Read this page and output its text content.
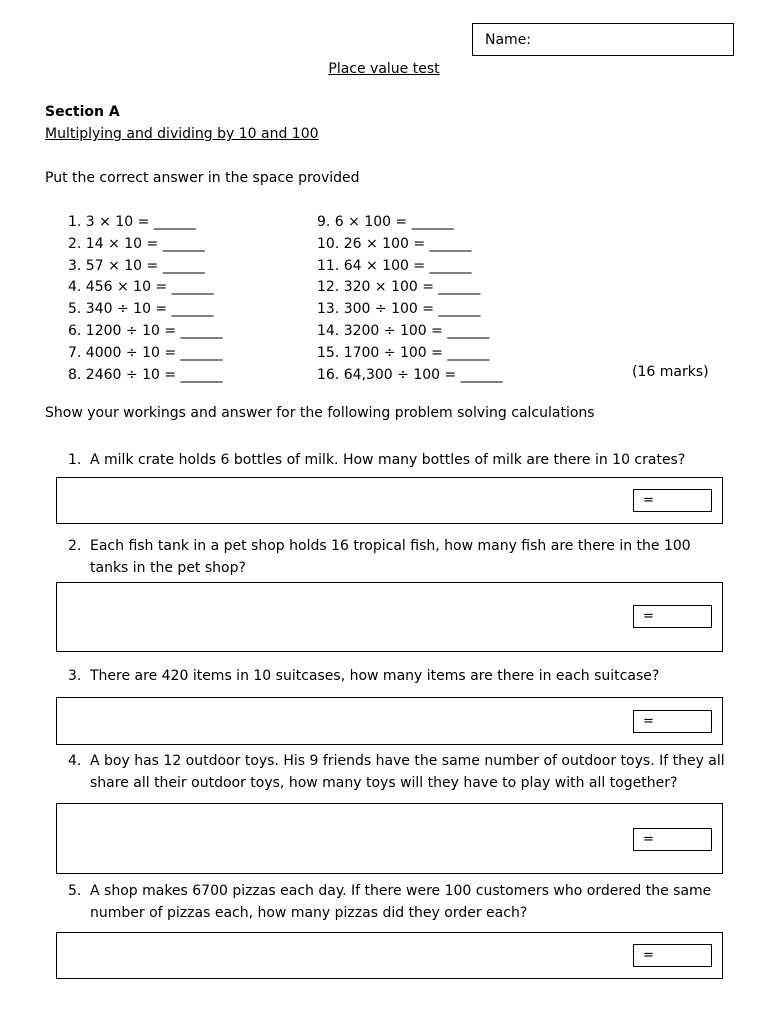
Name:
Place value test
Section A
Multiplying and dividing by 10 and 100
Put the correct answer in the space provided
1. 3 × 10 = ______
2. 14 × 10 = ______
3. 57 × 10 = ______
4. 456 × 10 = ______
5. 340 ÷ 10 = ______
6. 1200 ÷ 10 = ______
7. 4000 ÷ 10 = ______
8. 2460 ÷ 10 = ______
9. 6 × 100 = ______
10. 26 × 100 = ______
11. 64 × 100 = ______
12. 320 × 100 = ______
13. 300 ÷ 100 = ______
14. 3200 ÷ 100 = ______
15. 1700 ÷ 100 = ______
16. 64,300 ÷ 100 = ______	(16 marks)
Show your workings and answer for the following problem solving calculations
1. A milk crate holds 6 bottles of milk. How many bottles of milk are there in 10 crates?
=
2. Each fish tank in a pet shop holds 16 tropical fish, how many fish are there in the 100 tanks in the pet shop?
=
3. There are 420 items in 10 suitcases, how many items are there in each suitcase?
=
4. A boy has 12 outdoor toys. His 9 friends have the same number of outdoor toys. If they all share all their outdoor toys, how many toys will they have to play with all together?
=
5. A shop makes 6700 pizzas each day. If there were 100 customers who ordered the same number of pizzas each, how many pizzas did they order each?
=
